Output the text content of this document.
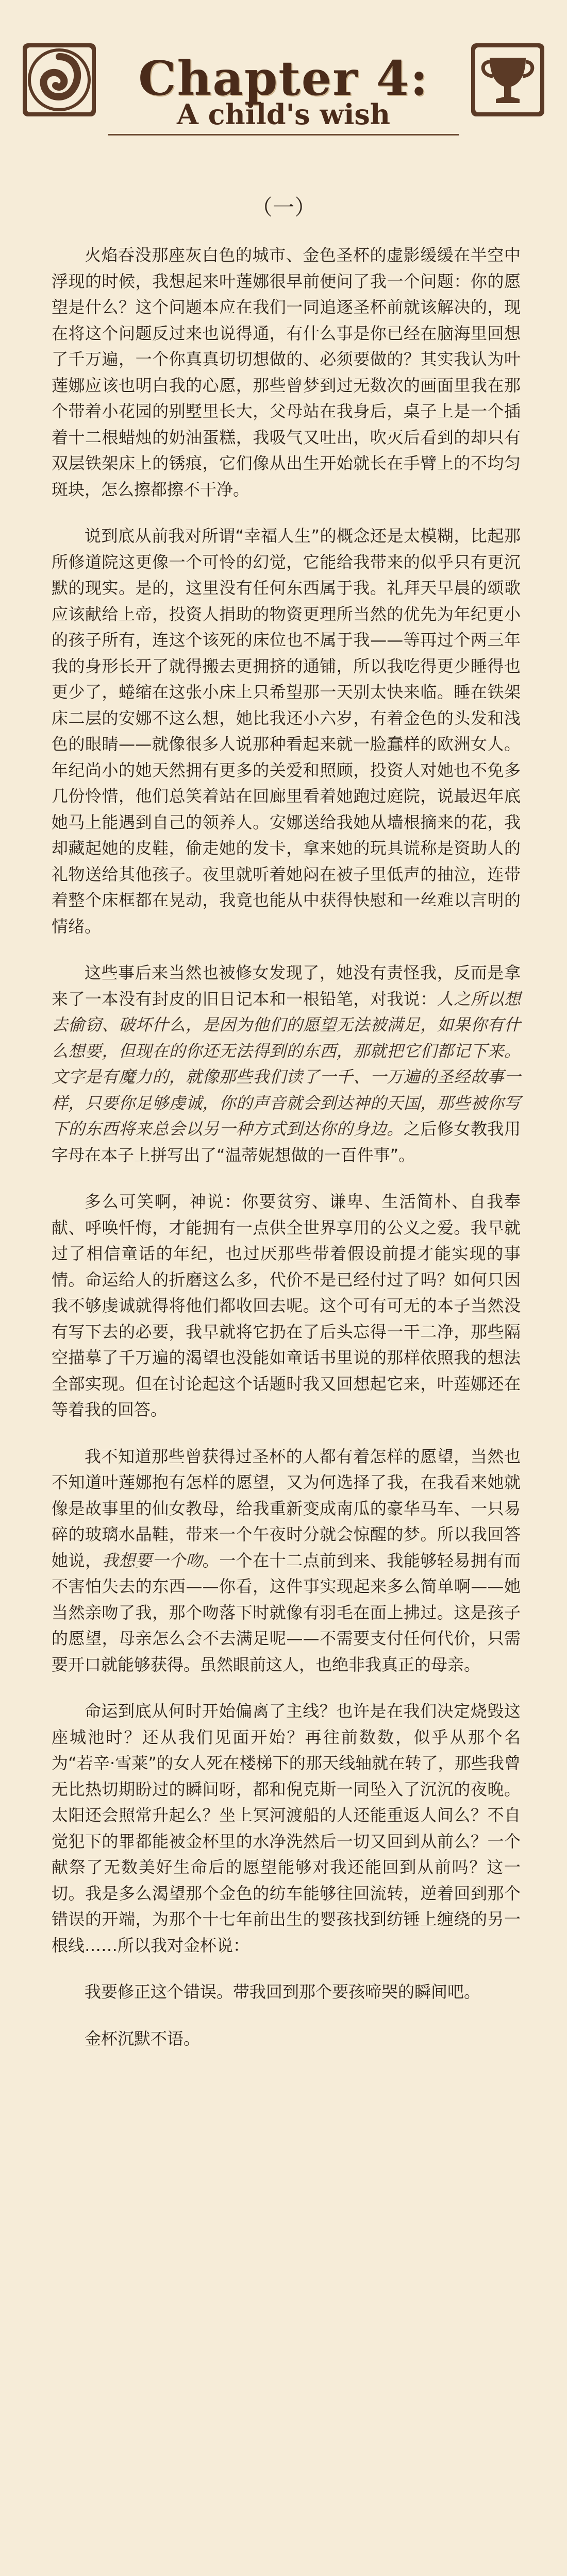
Chapter 4:
A child's wish
（一）

火焰吞没那座灰白色的城市、金色圣杯的虚影缓缓在半空中浮现的时候，我想起来叶莲娜很早前便问了我一个问题：你的愿望是什么？这个问题本应在我们一同追逐圣杯前就该解决的，现在将这个问题反过来也说得通，有什么事是你已经在脑海里回想了千万遍，一个你真真切切想做的、必须要做的？其实我认为叶莲娜应该也明白我的心愿，那些曾梦到过无数次的画面里我在那个带着小花园的别墅里长大，父母站在我身后，桌子上是一个插着十二根蜡烛的奶油蛋糕，我吸气又吐出，吹灭后看到的却只有双层铁架床上的锈痕，它们像从出生开始就长在手臂上的不均匀斑块，怎么擦都擦不干净。

说到底从前我对所谓“幸福人生”的概念还是太模糊，比起那所修道院这更像一个可怜的幻觉，它能给我带来的似乎只有更沉默的现实。是的，这里没有任何东西属于我。礼拜天早晨的颂歌应该献给上帝，投资人捐助的物资更理所当然的优先为年纪更小的孩子所有，连这个该死的床位也不属于我——等再过个两三年我的身形长开了就得搬去更拥挤的通铺，所以我吃得更少睡得也更少了，蜷缩在这张小床上只希望那一天别太快来临。睡在铁架床二层的安娜不这么想，她比我还小六岁，有着金色的头发和浅色的眼睛——就像很多人说那种看起来就一脸蠢样的欧洲女人。年纪尚小的她天然拥有更多的关爱和照顾，投资人对她也不免多几份怜惜，他们总笑着站在回廊里看着她跑过庭院，说最迟年底她马上能遇到自己的领养人。安娜送给我她从墙根摘来的花，我却藏起她的皮鞋，偷走她的发卡，拿来她的玩具谎称是资助人的礼物送给其他孩子。夜里就听着她闷在被子里低声的抽泣，连带着整个床框都在晃动，我竟也能从中获得快慰和一丝难以言明的情绪。

这些事后来当然也被修女发现了，她没有责怪我，反而是拿来了一本没有封皮的旧日记本和一根铅笔，对我说：人之所以想去偷窃、破坏什么，是因为他们的愿望无法被满足，如果你有什么想要，但现在的你还无法得到的东西，那就把它们都记下来。文字是有魔力的，就像那些我们读了一千、一万遍的圣经故事一样，只要你足够虔诚，你的声音就会到达神的天国，那些被你写下的东西将来总会以另一种方式到达你的身边。之后修女教我用字母在本子上拼写出了“温蒂妮想做的一百件事”。

多么可笑啊，神说：你要贫穷、谦卑、生活简朴、自我奉献、呼唤忏悔，才能拥有一点供全世界享用的公义之爱。我早就过了相信童话的年纪，也过厌那些带着假设前提才能实现的事情。命运给人的折磨这么多，代价不是已经付过了吗？如何只因我不够虔诚就得将他们都收回去呢。这个可有可无的本子当然没有写下去的必要，我早就将它扔在了后头忘得一干二净，那些隔空描摹了千万遍的渴望也没能如童话书里说的那样依照我的想法全部实现。但在讨论起这个话题时我又回想起它来，叶莲娜还在等着我的回答。

我不知道那些曾获得过圣杯的人都有着怎样的愿望，当然也不知道叶莲娜抱有怎样的愿望，又为何选择了我，在我看来她就像是故事里的仙女教母，给我重新变成南瓜的豪华马车、一只易碎的玻璃水晶鞋，带来一个午夜时分就会惊醒的梦。所以我回答她说，我想要一个吻。一个在十二点前到来、我能够轻易拥有而不害怕失去的东西——你看，这件事实现起来多么简单啊——她当然亲吻了我，那个吻落下时就像有羽毛在面上拂过。这是孩子的愿望，母亲怎么会不去满足呢——不需要支付任何代价，只需要开口就能够获得。虽然眼前这人，也绝非我真正的母亲。

命运到底从何时开始偏离了主线？也许是在我们决定烧毁这座城池时？还从我们见面开始？再往前数数，似乎从那个名为“若辛·雪莱”的女人死在楼梯下的那天线轴就在转了，那些我曾无比热切期盼过的瞬间呀，都和倪克斯一同坠入了沉沉的夜晚。太阳还会照常升起么？坐上冥河渡船的人还能重返人间么？不自觉犯下的罪都能被金杯里的水净洗然后一切又回到从前么？一个献祭了无数美好生命后的愿望能够对我还能回到从前吗？这一切。我是多么渴望那个金色的纺车能够往回流转，逆着回到那个错误的开端，为那个十七年前出生的婴孩找到纺锤上缠绕的另一根线……所以我对金杯说：

我要修正这个错误。带我回到那个要孩啼哭的瞬间吧。

金杯沉默不语。
